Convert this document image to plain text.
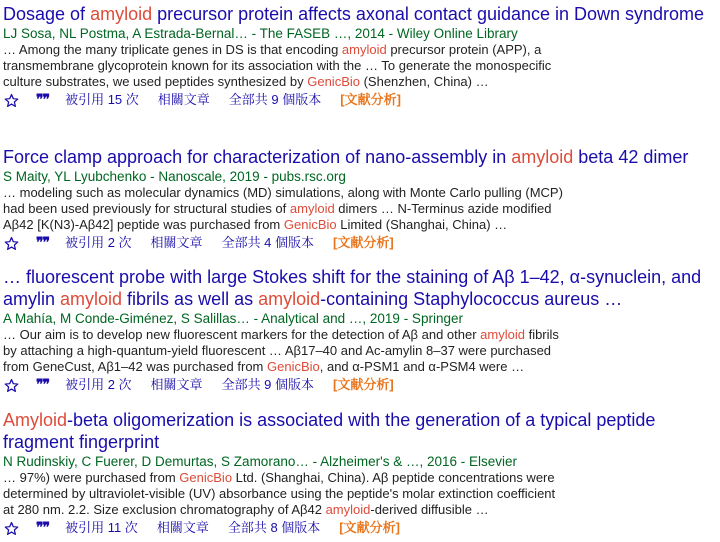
Dosage of amyloid precursor protein affects axonal contact guidance in Down syndrome
LJ Sosa, NL Postma, A Estrada-Bernal… - The FASEB …, 2014 - Wiley Online Library
… Among the many triplicate genes in DS is that encoding amyloid precursor protein (APP), a
transmembrane glycoprotein known for its association with the … To generate the monospecific
culture substrates, we used peptides synthesized by GenicBio (Shenzhen, China) …
❞❞ 被引用 15 次 相關文章 全部共 9 個版本 [文献分析]
Force clamp approach for characterization of nano-assembly in amyloid beta 42 dimer
S Maity, YL Lyubchenko - Nanoscale, 2019 - pubs.rsc.org
… modeling such as molecular dynamics (MD) simulations, along with Monte Carlo pulling (MCP)
had been used previously for structural studies of amyloid dimers … N-Terminus azide modified
Aβ42 [K(N3)-Aβ42] peptide was purchased from GenicBio Limited (Shanghai, China) …
❞❞ 被引用 2 次 相關文章 全部共 4 個版本 [文献分析]
… fluorescent probe with large Stokes shift for the staining of Aβ 1–42, α-synuclein, and amylin amyloid fibrils as well as amyloid-containing Staphylococcus aureus …
A Mahía, M Conde-Giménez, S Salillas… - Analytical and …, 2019 - Springer
… Our aim is to develop new fluorescent markers for the detection of Aβ and other amyloid fibrils
by attaching a high-quantum-yield fluorescent … Aβ17–40 and Ac-amylin 8–37 were purchased
from GeneCust, Aβ1–42 was purchased from GenicBio, and α-PSM1 and α-PSM4 were …
❞❞ 被引用 2 次 相關文章 全部共 9 個版本 [文献分析]
Amyloid-beta oligomerization is associated with the generation of a typical peptide fragment fingerprint
N Rudinskiy, C Fuerer, D Demurtas, S Zamorano… - Alzheimer's & …, 2016 - Elsevier
… 97%) were purchased from GenicBio Ltd. (Shanghai, China). Aβ peptide concentrations were
determined by ultraviolet-visible (UV) absorbance using the peptide's molar extinction coefficient
at 280 nm. 2.2. Size exclusion chromatography of Aβ42 amyloid-derived diffusible …
❞❞ 被引用 11 次 相關文章 全部共 8 個版本 [文献分析]
